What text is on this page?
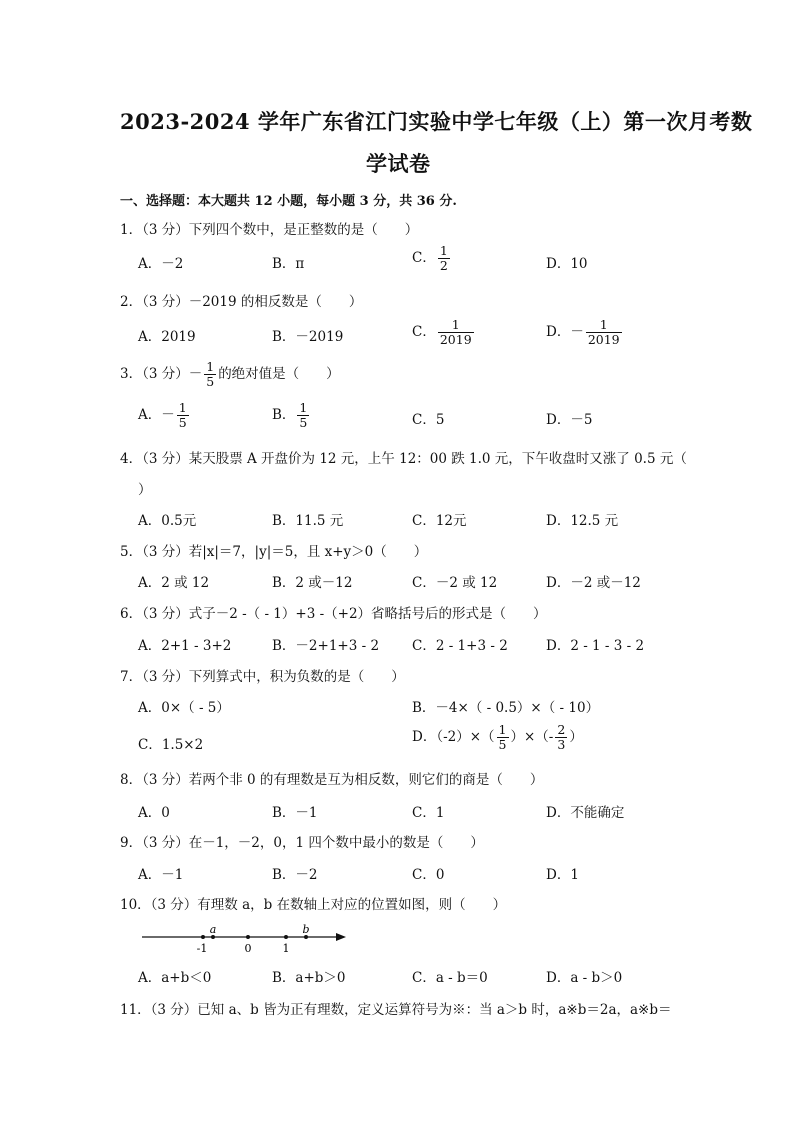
2023-2024 学年广东省江门实验中学七年级（上）第一次月考数
学试卷
一、选择题：本大题共 12 小题，每小题 3 分，共 36 分.
1．（3 分）下列四个数中，是正整数的是（　　）
A．－2	B．π	C． $\frac{1}{2}$	D．10
2．（3 分）－2019 的相反数是（　　）
A．2019	B．－2019	C． $\frac{1}{2019}$	D．－ $\frac{1}{2019}$
3．（3 分）－ $\frac{1}{5}$ 的绝对值是（　　）
A．－ $\frac{1}{5}$	B． $\frac{1}{5}$	C．5	D．－5
4．（3 分）某天股票 A 开盘价为 12 元，上午 12：00 跌 1.0 元，下午收盘时又涨了 0.5 元（
）
A．0.5元	B．11.5 元	C．12元	D．12.5 元
5．（3 分）若|x|＝7，|y|＝5，且 x+y＞0（　　）
A．2 或 12	B．2 或－12	C．－2 或 12	D．－2 或－12
6．（3 分）式子－2 -（ - 1）+3 -（+2）省略括号后的形式是（　　）
A．2+1 - 3+2	B．－2+1+3 - 2 C．2 - 1+3 - 2	D．2 - 1 - 3 - 2
7．（3 分）下列算式中，积为负数的是（　　）
A．0×（ - 5）	B．－4×（ - 0.5）×（ - 10）
C．1.5×2	D．$(-2)\times( \frac{1}{5}$ ）×（- $\frac{2}{3}$ ）
8．（3 分）若两个非 0 的有理数是互为相反数，则它们的商是（　　）
A．0	B．－1	C．1	D．不能确定
9．（3 分）在－1，－2，0，1 四个数中最小的数是（　　）
A．－1	B．－2	C．0	D．1
10．（3 分）有理数 a，b 在数轴上对应的位置如图，则（　　）
a	b
-1	0	1
A．a+b＜0	B．a+b＞0	C．a - b＝0	D．a - b＞0
11．（3 分）已知 a、b 皆为正有理数，定义运算符号为※：当 a＞b 时，a※b＝2a，a※b＝
